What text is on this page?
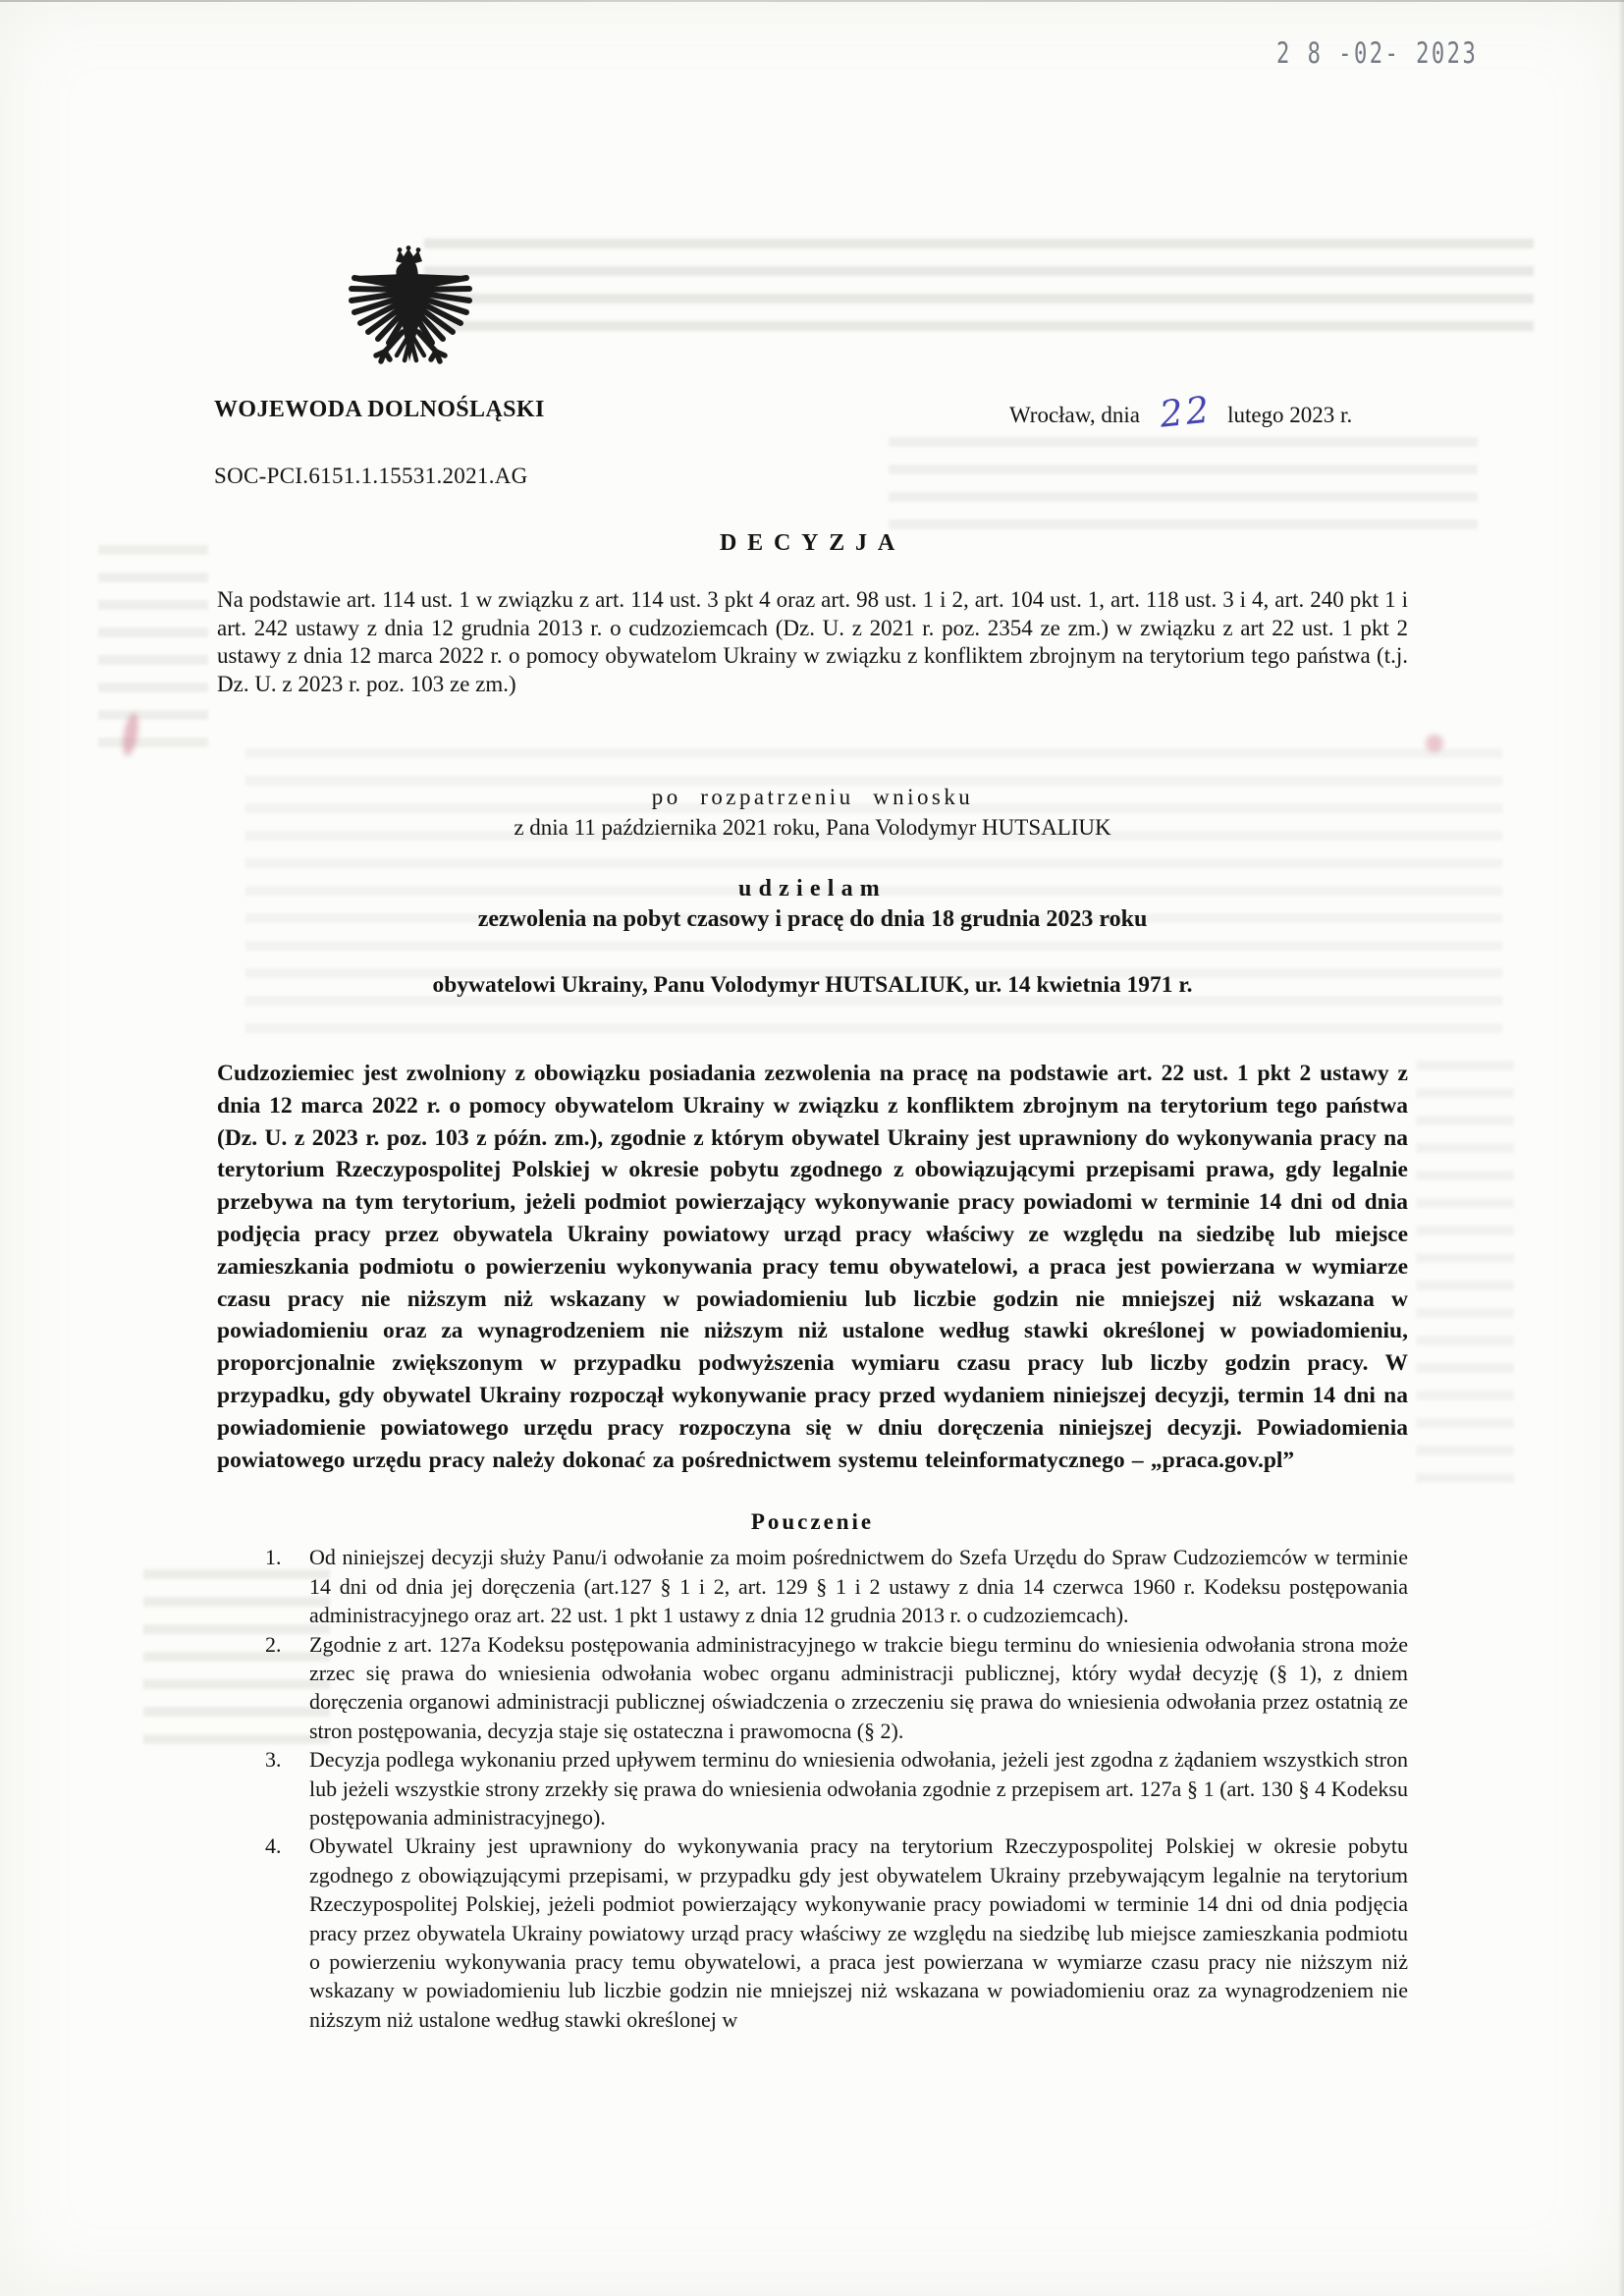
2 8 -02- 2023
WOJEWODA DOLNOŚLĄSKI	Wrocław, dnia 22 lutego 2023 r.
SOC-PCI.6151.1.15531.2021.AG
DECYZJA

Na podstawie art. 114 ust. 1 w związku z art. 114 ust. 3 pkt 4 oraz art. 98 ust. 1 i 2, art. 104 ust. 1, art. 118 ust. 3 i 4, art. 240 pkt 1 i art. 242 ustawy z dnia 12 grudnia 2013 r. o cudzoziemcach (Dz. U. z 2021 r. poz. 2354 ze zm.) w związku z art 22 ust. 1 pkt 2 ustawy z dnia 12 marca 2022 r. o pomocy obywatelom Ukrainy w związku z konfliktem zbrojnym na terytorium tego państwa (t.j. Dz. U. z 2023 r. poz. 103 ze zm.)

po rozpatrzeniu wniosku
z dnia 11 października 2021 roku, Pana Volodymyr HUTSALIUK
udzielam
zezwolenia na pobyt czasowy i pracę do dnia 18 grudnia 2023 roku
obywatelowi Ukrainy, Panu Volodymyr HUTSALIUK, ur. 14 kwietnia 1971 r.

Cudzoziemiec jest zwolniony z obowiązku posiadania zezwolenia na pracę na podstawie art. 22 ust. 1 pkt 2 ustawy z dnia 12 marca 2022 r. o pomocy obywatelom Ukrainy w związku z konfliktem zbrojnym na terytorium tego państwa (Dz. U. z 2023 r. poz. 103 z późn. zm.), zgodnie z którym obywatel Ukrainy jest uprawniony do wykonywania pracy na terytorium Rzeczypospolitej Polskiej w okresie pobytu zgodnego z obowiązującymi przepisami prawa, gdy legalnie przebywa na tym terytorium, jeżeli podmiot powierzający wykonywanie pracy powiadomi w terminie 14 dni od dnia podjęcia pracy przez obywatela Ukrainy powiatowy urząd pracy właściwy ze względu na siedzibę lub miejsce zamieszkania podmiotu o powierzeniu wykonywania pracy temu obywatelowi, a praca jest powierzana w wymiarze czasu pracy nie niższym niż wskazany w powiadomieniu lub liczbie godzin nie mniejszej niż wskazana w powiadomieniu oraz za wynagrodzeniem nie niższym niż ustalone według stawki określonej w powiadomieniu, proporcjonalnie zwiększonym w przypadku podwyższenia wymiaru czasu pracy lub liczby godzin pracy. W przypadku, gdy obywatel Ukrainy rozpoczął wykonywanie pracy przed wydaniem niniejszej decyzji, termin 14 dni na powiadomienie powiatowego urzędu pracy rozpoczyna się w dniu doręczenia niniejszej decyzji. Powiadomienia powiatowego urzędu pracy należy dokonać za pośrednictwem systemu teleinformatycznego – „praca.gov.pl”

Pouczenie
1. Od niniejszej decyzji służy Panu/i odwołanie za moim pośrednictwem do Szefa Urzędu do Spraw Cudzoziemców w terminie 14 dni od dnia jej doręczenia (art.127 § 1 i 2, art. 129 § 1 i 2 ustawy z dnia 14 czerwca 1960 r. Kodeksu postępowania administracyjnego oraz art. 22 ust. 1 pkt 1 ustawy z dnia 12 grudnia 2013 r. o cudzoziemcach).
2. Zgodnie z art. 127a Kodeksu postępowania administracyjnego w trakcie biegu terminu do wniesienia odwołania strona może zrzec się prawa do wniesienia odwołania wobec organu administracji publicznej, który wydał decyzję (§ 1), z dniem doręczenia organowi administracji publicznej oświadczenia o zrzeczeniu się prawa do wniesienia odwołania przez ostatnią ze stron postępowania, decyzja staje się ostateczna i prawomocna (§ 2).
3. Decyzja podlega wykonaniu przed upływem terminu do wniesienia odwołania, jeżeli jest zgodna z żądaniem wszystkich stron lub jeżeli wszystkie strony zrzekły się prawa do wniesienia odwołania zgodnie z przepisem art. 127a § 1 (art. 130 § 4 Kodeksu postępowania administracyjnego).
4. Obywatel Ukrainy jest uprawniony do wykonywania pracy na terytorium Rzeczypospolitej Polskiej w okresie pobytu zgodnego z obowiązującymi przepisami, w przypadku gdy jest obywatelem Ukrainy przebywającym legalnie na terytorium Rzeczypospolitej Polskiej, jeżeli podmiot powierzający wykonywanie pracy powiadomi w terminie 14 dni od dnia podjęcia pracy przez obywatela Ukrainy powiatowy urząd pracy właściwy ze względu na siedzibę lub miejsce zamieszkania podmiotu o powierzeniu wykonywania pracy temu obywatelowi, a praca jest powierzana w wymiarze czasu pracy nie niższym niż wskazany w powiadomieniu lub liczbie godzin nie mniejszej niż wskazana w powiadomieniu oraz za wynagrodzeniem nie niższym niż ustalone według stawki określonej w
